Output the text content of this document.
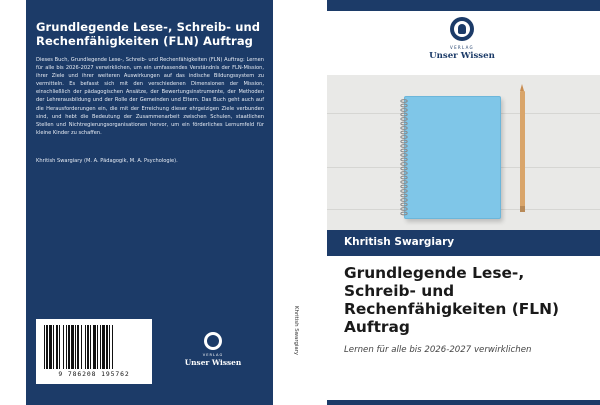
Grundlegende Lese-, Schreib- und Rechenfähigkeiten (FLN) Auftrag
Dieses Buch, Grundlegende Lese-, Schreib- und Rechenfähigkeiten (FLN) Auftrag: Lernen für alle bis 2026-2027 verwirklichen, um ein umfassendes Verständnis der FLN-Mission, ihrer Ziele und ihrer weiteren Auswirkungen auf das indische Bildungssystem zu vermitteln. Es befasst sich mit den verschiedenen Dimensionen der Mission, einschließlich der pädagogischen Ansätze, der Bewertungsinstrumente, der Methoden der Lehrerausbildung und der Rolle der Gemeinden und Eltern. Das Buch geht auch auf die Herausforderungen ein, die mit der Erreichung dieser ehrgeizigen Ziele verbunden sind, und hebt die Bedeutung der Zusammenarbeit zwischen Schulen, staatlichen Stellen und Nichtregierungsorganisationen hervor, um ein förderliches Lernumfeld für kleine Kinder zu schaffen.
Khritish Swargiary (M. A. Pädagogik, M. A. Psychologie).
9 786208 195762
VERLAG
Unser Wissen
Khritish Swargiary
VERLAG
Unser Wissen
Khritish Swargiary
Grundlegende Lese-, Schreib- und Rechenfähigkeiten (FLN) Auftrag
Lernen für alle bis 2026-2027 verwirklichen
